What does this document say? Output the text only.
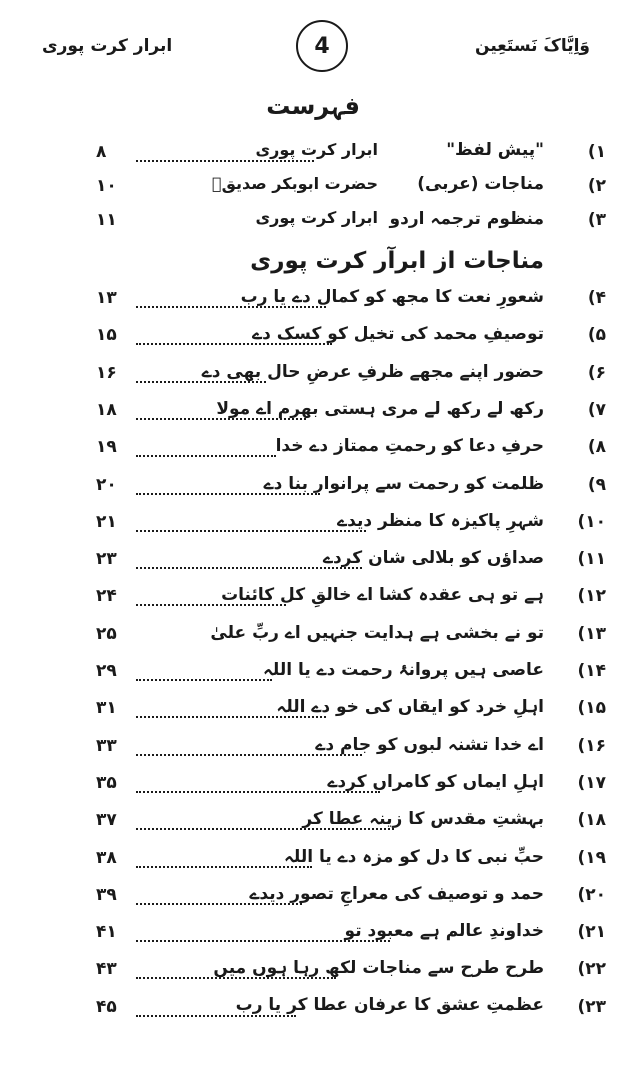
ابرار کرت پوری	4	وَاِیَّاکَ نَستَعِین
فہرست
۱)
"پیش لفظ"
ابرار کرت پوری
۸
۲)
مناجات (عربی)
حضرت ابوبکر صدیقؓ
۱۰
۳)
منظوم ترجمہ اردو
ابرار کرت پوری
۱۱
مناجات از ابرآر کرت پوری
۴)
شعورِ نعت کا مجھ کو کمال دے یا رب
۱۳
۵)
توصیفِ محمد کی تخیل کو کسک دے
۱۵
۶)
حضور اپنے مجھے ظرفِ عرضِ حال بھی دے
۱۶
۷)
رکھ لے رکھ لے مری ہستی بھرم اے مولا
۱۸
۸)
حرفِ دعا کو رحمتِ ممتاز دے خدا
۱۹
۹)
ظلمت کو رحمت سے پرانوار بنا دے
۲۰
۱۰)
شہرِ پاکیزہ کا منظر دیدے
۲۱
۱۱)
صداؤں کو بلالی شان کردے
۲۳
۱۲)
ہے تو ہی عقدہ کشا اے خالقِ کل کائنات
۲۴
۱۳)
تو نے بخشی ہے ہدایت جنہیں اے ربِّ علیٰ
۲۵
۱۴)
عاصی ہیں پروانۂ رحمت دے یا اللہ
۲۹
۱۵)
اہلِ خرد کو ایقاں کی خو دے اللہ
۳۱
۱۶)
اے خدا تشنہ لبوں کو جام دے
۳۳
۱۷)
اہلِ ایماں کو کامراں کردے
۳۵
۱۸)
بہشتِ مقدس کا زینہ عطا کر
۳۷
۱۹)
حبِّ نبی کا دل کو مزہ دے یا اللہ
۳۸
۲۰)
حمد و توصیف کی معراجِ تصور دیدے
۳۹
۲۱)
خداوندِ عالم ہے معبود تو
۴۱
۲۲)
طرح طرح سے مناجات لکھ رہا ہوں میں
۴۳
۲۳)
عظمتِ عشق کا عرفان عطا کر یا رب
۴۵
